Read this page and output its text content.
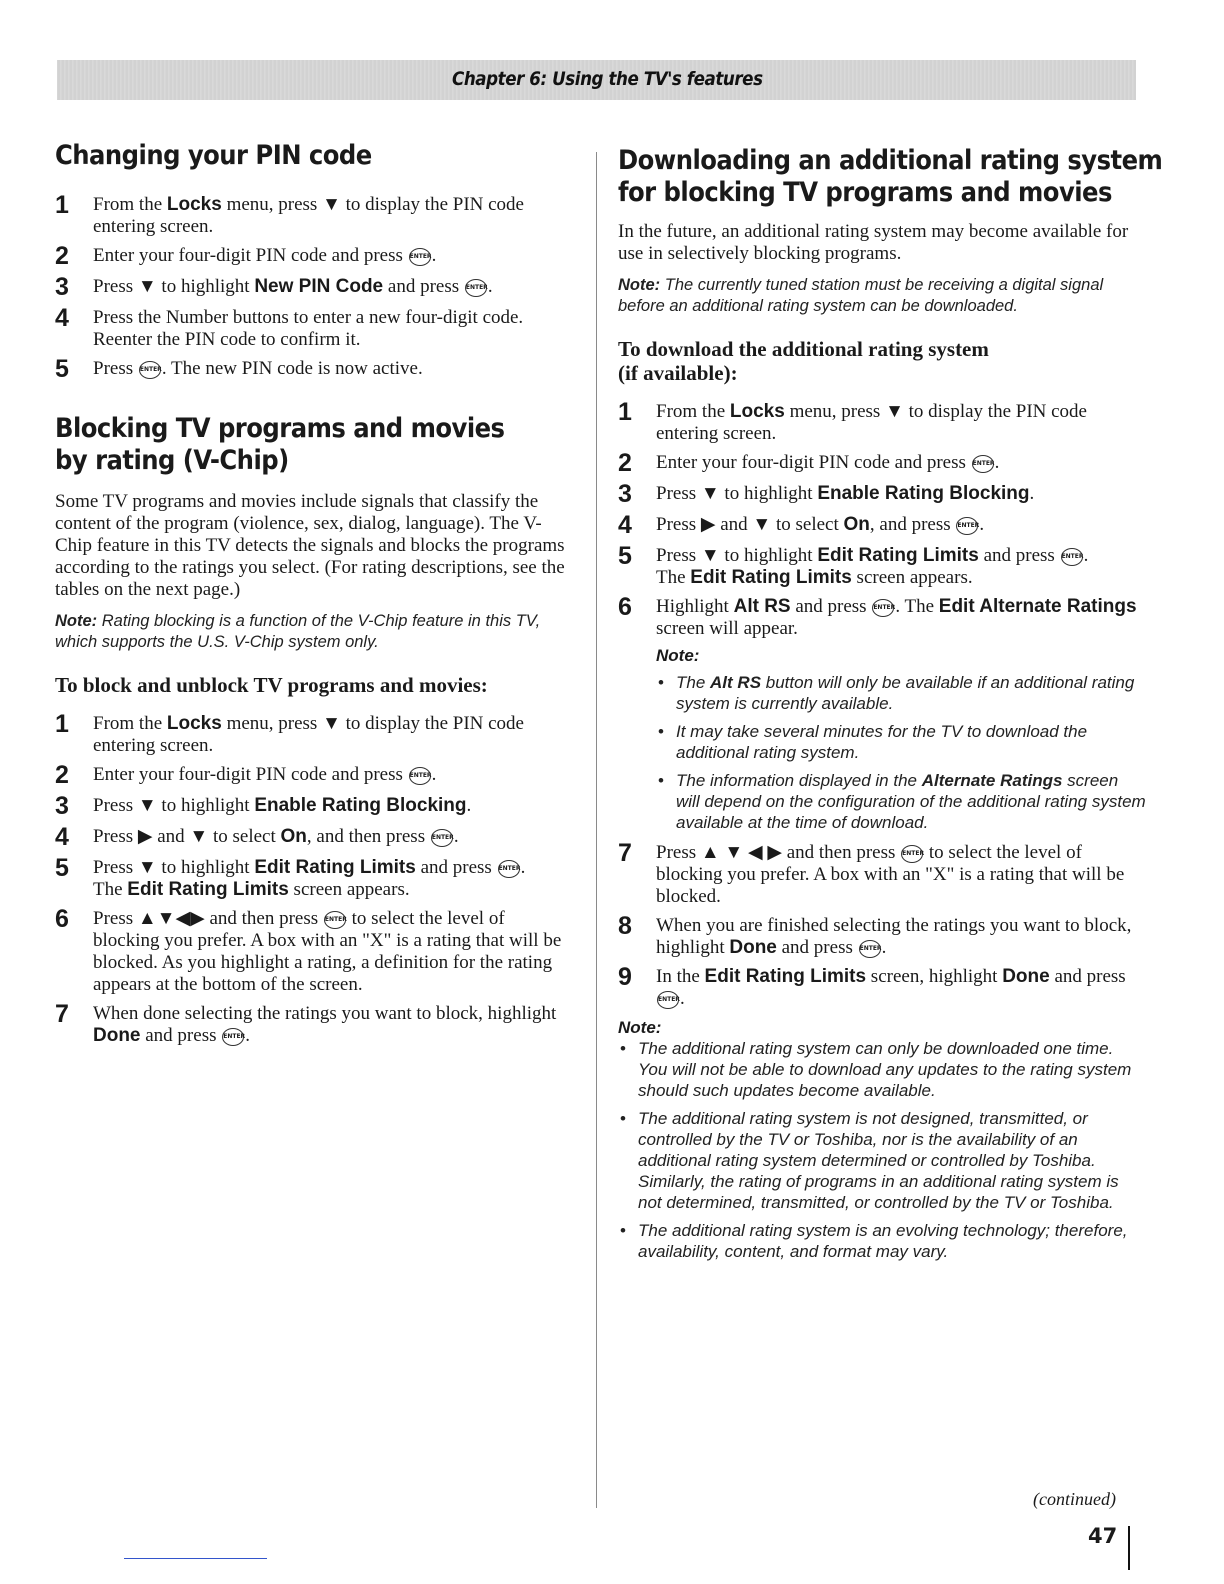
Chapter 6: Using the TV's features
Changing your PIN code
1	From the Locks menu, press ▼ to display the PIN code entering screen.
2	Enter your four-digit PIN code and press ENTER.
3	Press ▼ to highlight New PIN Code and press ENTER.
4	Press the Number buttons to enter a new four-digit code. Reenter the PIN code to confirm it.
5	Press ENTER. The new PIN code is now active.
Blocking TV programs and movies
by rating (V-Chip)

Some TV programs and movies include signals that classify the content of the program (violence, sex, dialog, language). The V-Chip feature in this TV detects the signals and blocks the programs according to the ratings you select. (For rating descriptions, see the tables on the next page.)

Note: Rating blocking is a function of the V-Chip feature in this TV, which supports the U.S. V-Chip system only.

To block and unblock TV programs and movies:
1	From the Locks menu, press ▼ to display the PIN code entering screen.
2	Enter your four-digit PIN code and press ENTER.
3	Press ▼ to highlight Enable Rating Blocking.
4	Press ▶ and ▼ to select On, and then press ENTER.
5	Press ▼ to highlight Edit Rating Limits and press ENTER.
The Edit Rating Limits screen appears.
6	Press ▲▼◀▶ and then press ENTER to select the level of blocking you prefer. A box with an "X" is a rating that will be blocked. As you highlight a rating, a definition for the rating appears at the bottom of the screen.
7	When done selecting the ratings you want to block, highlight Done and press ENTER.
Downloading an additional rating system
for blocking TV programs and movies

In the future, an additional rating system may become available for use in selectively blocking programs.

Note: The currently tuned station must be receiving a digital signal before an additional rating system can be downloaded.

To download the additional rating system
(if available):
1	From the Locks menu, press ▼ to display the PIN code entering screen.
2	Enter your four-digit PIN code and press ENTER.
3	Press ▼ to highlight Enable Rating Blocking.
4	Press ▶ and ▼ to select On, and press ENTER.
5	Press ▼ to highlight Edit Rating Limits and press ENTER.
The Edit Rating Limits screen appears.
6	Highlight Alt RS and press ENTER. The Edit Alternate Ratings screen will appear.

Note:

• The Alt RS button will only be available if an additional rating system is currently available.
• It may take several minutes for the TV to download the additional rating system.
• The information displayed in the Alternate Ratings screen will depend on the configuration of the additional rating system available at the time of download.
7	Press ▲ ▼ ◀ ▶ and then press ENTER to select the level of blocking you prefer. A box with an "X" is a rating that will be blocked.
8	When you are finished selecting the ratings you want to block, highlight Done and press ENTER.
9	In the Edit Rating Limits screen, highlight Done and press ENTER.

Note:

• The additional rating system can only be downloaded one time. You will not be able to download any updates to the rating system should such updates become available.
• The additional rating system is not designed, transmitted, or controlled by the TV or Toshiba, nor is the availability of an additional rating system determined or controlled by Toshiba. Similarly, the rating of programs in an additional rating system is not determined, transmitted, or controlled by the TV or Toshiba.
• The additional rating system is an evolving technology; therefore, availability, content, and format may vary.
(continued)
47
